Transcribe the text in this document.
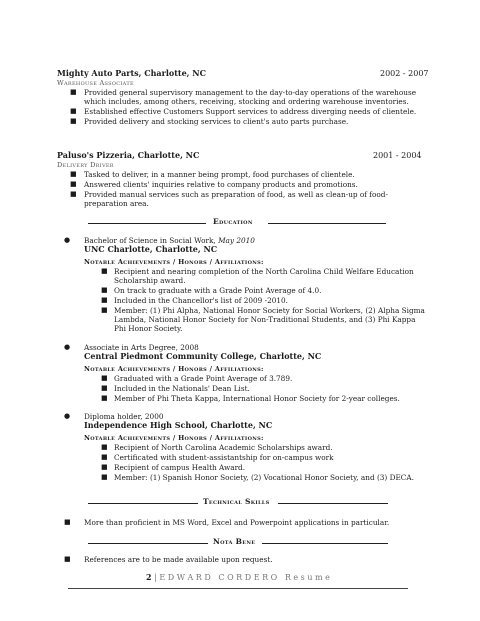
Mighty Auto Parts, Charlotte, NC	2002 - 2007
Warehouse Associate
■ Provided general supervisory management to the day-to-day operations of the warehouse
which includes, among others, receiving, stocking and ordering warehouse inventories.
■ Established effective Customers Support services to address diverging needs of clientele.
■ Provided delivery and stocking services to client's auto parts purchase.
Paluso's Pizzeria, Charlotte, NC	2001 - 2004
Delivery Driver
■ Tasked to deliver, in a manner being prompt, food purchases of clientele.
■ Answered clients' inquiries relative to company products and promotions.
■ Provided manual services such as preparation of food, as well as clean-up of food-
preparation area.
Education
● Bachelor of Science in Social Work, May 2010
UNC Charlotte, Charlotte, NC
Notable Achievements / Honors / Affiliations:
■ Recipient and nearing completion of the North Carolina Child Welfare Education
Scholarship award.
■ On track to graduate with a Grade Point Average of 4.0.
■ Included in the Chancellor's list of 2009 -2010.
■ Member: (1) Phi Alpha, National Honor Society for Social Workers, (2) Alpha Sigma
Lambda, National Honor Society for Non-Traditional Students, and (3) Phi Kappa
Phi Honor Society.
● Associate in Arts Degree, 2008
Central Piedmont Community College, Charlotte, NC
Notable Achievements / Honors / Affiliations:
■ Graduated with a Grade Point Average of 3.789.
■ Included in the Nationals' Dean List.
■ Member of Phi Theta Kappa, International Honor Society for 2-year colleges.
● Diploma holder, 2000
Independence High School, Charlotte, NC
Notable Achievements / Honors / Affiliations:
■ Recipient of North Carolina Academic Scholarships award.
■ Certificated with student-assistantship for on-campus work
■ Recipient of campus Health Award.
■ Member: (1) Spanish Honor Society, (2) Vocational Honor Society, and (3) DECA.
Technical Skills
■ More than proficient in MS Word, Excel and Powerpoint applications in particular.
Nota Bene
■ References are to be made available upon request.
2 | E D W A R D   C O R D E R O   R e s u m e
